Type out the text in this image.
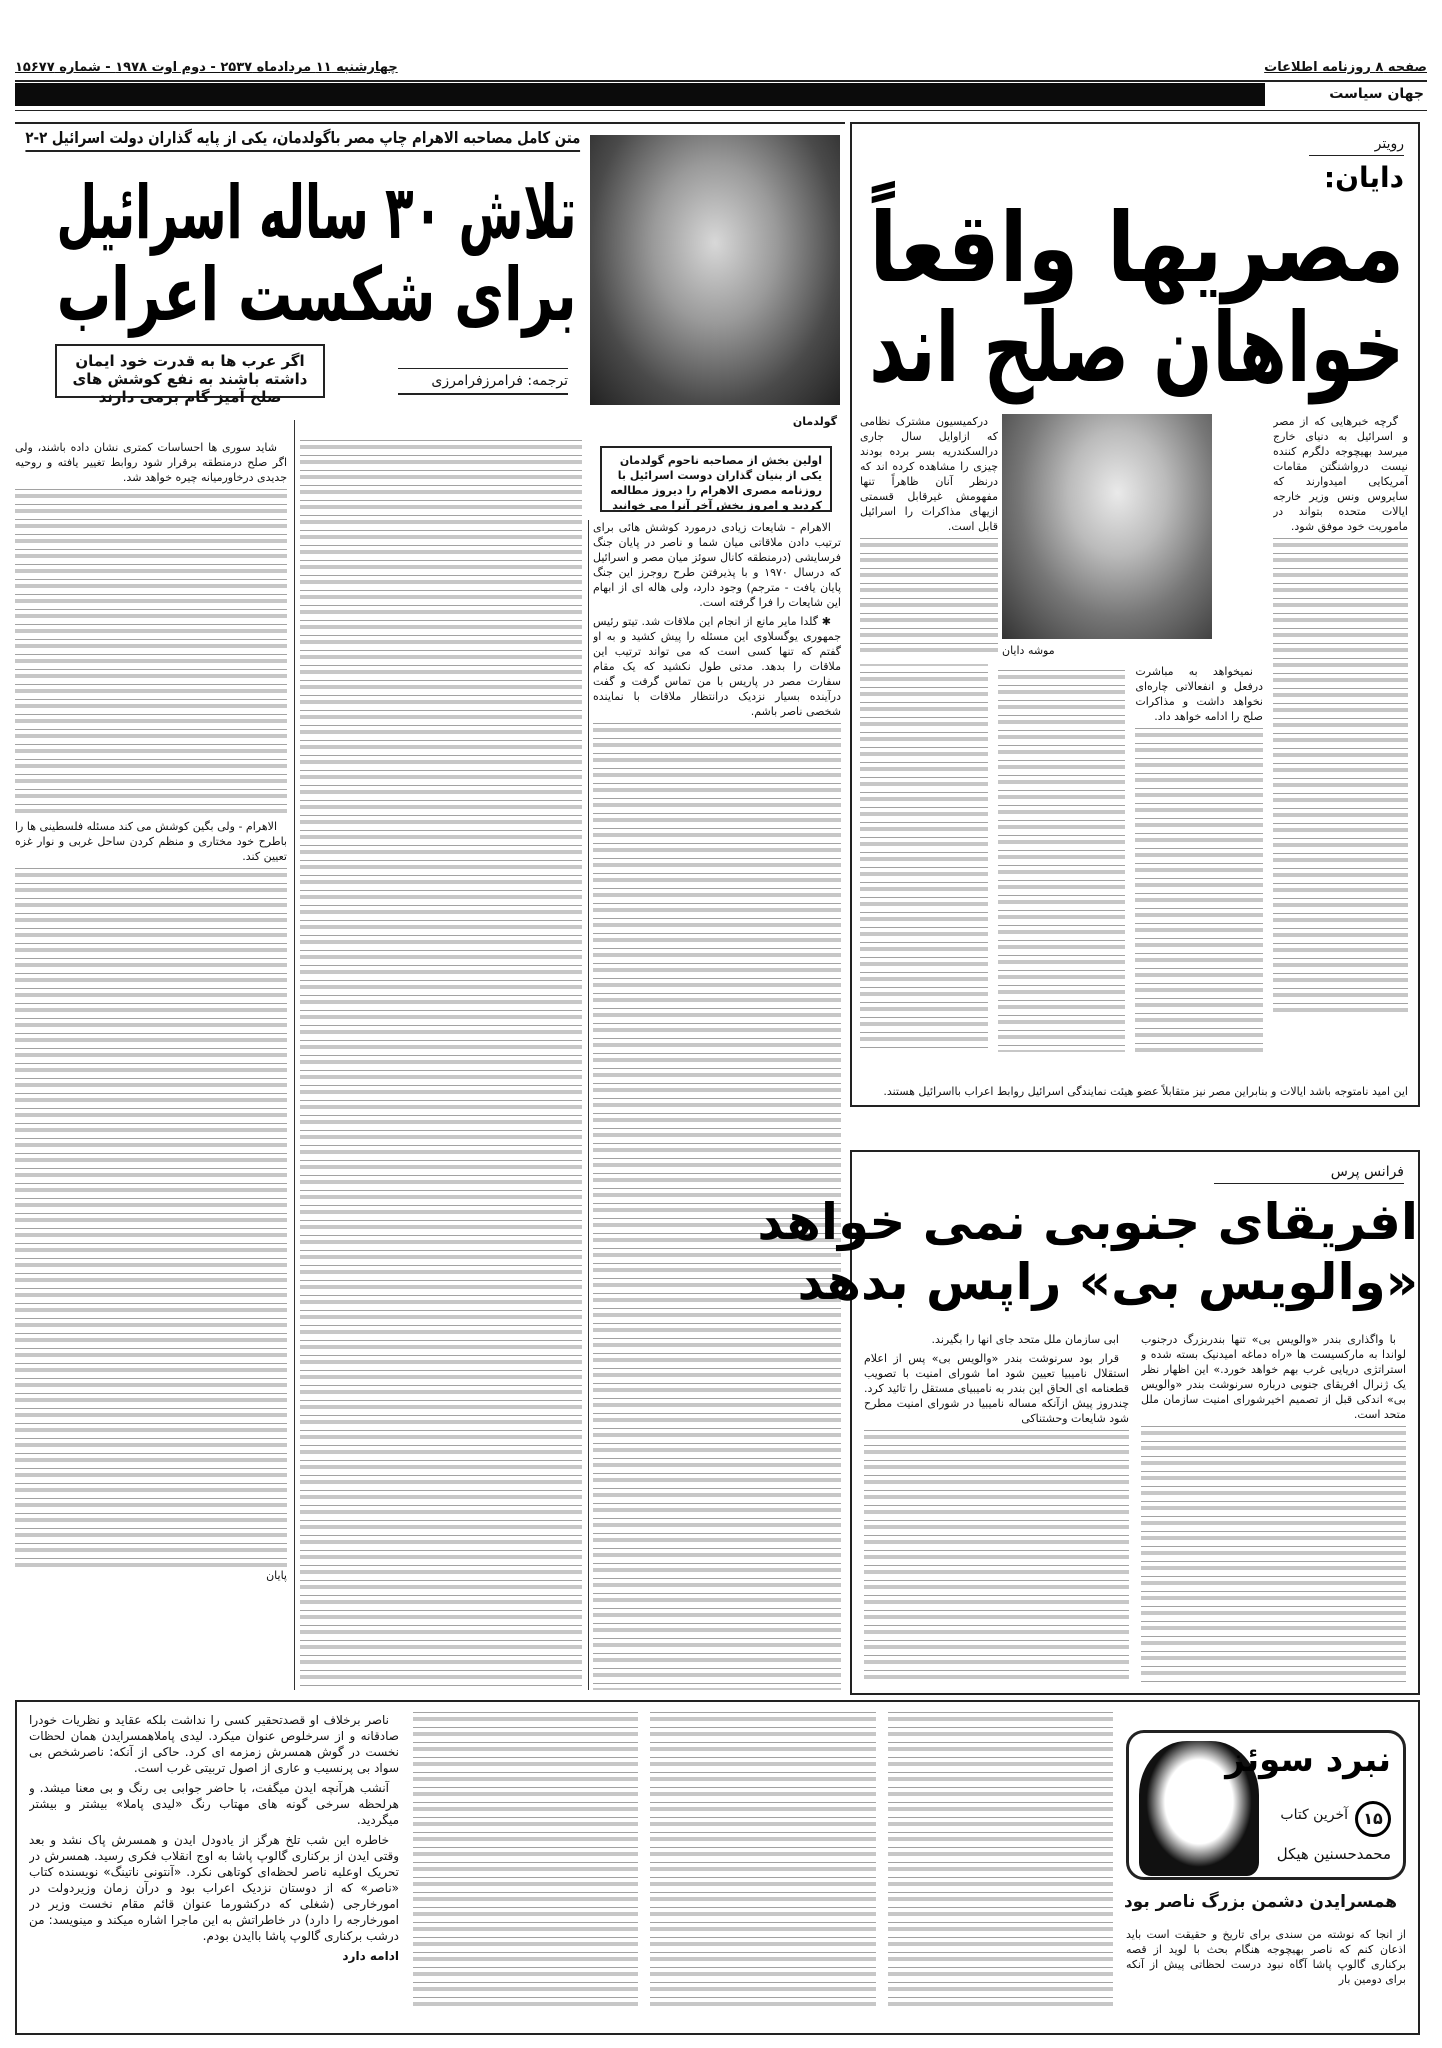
صفحه ۸ روزنامه اطلاعات
چهارشنبه ۱۱ مردادماه ۲۵۳۷ - دوم اوت ۱۹۷۸ - شماره ۱۵۶۷۷
جهان سیاست
رویتر
دایان:
مصریها واقعاً
خواهان صلح اند
موشه دایان

گرچه خبرهایی که از مصر و اسرائیل به دنیای خارج میرسد بهیچوجه دلگرم کننده نیست درواشنگتن مقامات آمریکایی امیدوارند که سایروس ونس وزیر خارجه ایالات متحده بتواند در ماموریت خود موفق شود.

درکمیسیون مشترک نظامی که ازاوایل سال جاری درالسکندریه بسر برده بودند چیزی را مشاهده کرده اند که درنظر آنان ظاهراً تنها مفهومش غیرقابل قسمتی ازیهای مذاکرات را اسرائیل قابل است.

نمیخواهد به مباشرت درفعل و انفعالاتی چاره‌ای نخواهد داشت و مذاکرات صلح را ادامه خواهد داد.

این امید نامتوجه باشد ایالات و بنابراین مصر نیز متقابلاً عضو هیئت نمایندگی اسرائیل روابط اعراب بااسرائیل هستند.
متن کامل مصاحبه الاهرام چاپ مصر باگولدمان، یکی از پایه گذاران دولت اسرائیل ۲-۲
تلاش ۳۰ ساله اسرائیل
برای شکست اعراب
اگر عرب ها به قدرت خود ایمان داشته باشند به نفع کوشش های صلح آمیز گام برمی دارند
ترجمه: فرامرزفرامرزی
گولدمان
اولین بخش از مصاحبه ناحوم گولدمان یکی از بنیان گذاران دوست اسرائیل با روزنامه مصری الاهرام را دیروز مطالعه کردید و امروز بخش آخر آنرا می خوانید

الاهرام - شایعات زیادی درمورد کوشش هائی برای ترتیب دادن ملاقاتی میان شما و ناصر در پایان جنگ فرسایشی (درمنطقه کانال سوئز میان مصر و اسرائیل که درسال ۱۹۷۰ و با پذیرفتن طرح روجرز این جنگ پایان یافت - مترجم) وجود دارد، ولی هاله ای از ابهام این شایعات را فرا گرفته است.

✱ گلدا مایر مانع از انجام این ملاقات شد. تیتو رئیس جمهوری یوگسلاوی این مسئله را پیش کشید و به او گفتم که تنها کسی است که می تواند ترتیب این ملاقات را بدهد. مدتی طول نکشید که یک مقام سفارت مصر در پاریس با من تماس گرفت و گفت درآینده بسیار نزدیک درانتظار ملاقات با نماینده شخصی ناصر باشم.

شاید سوری ها احساسات کمتری نشان داده باشند، ولی اگر صلح درمنطقه برقرار شود روابط تغییر یافته و روحیه جدیدی درخاورمیانه چیره خواهد شد.

الاهرام - ولی بگین کوشش می کند مسئله فلسطینی ها را باطرح خود مختاری و منظم کردن ساحل غربی و نوار غزه تعیین کند.

پایان
فرانس پرس
افریقای جنوبی نمی خواهد
«والویس بی» راپس بدهد

با واگذاری بندر «والویس بی» تنها بندربزرگ درجنوب لواندا به مارکسیست ها «راه دماغه امیدنیک بسته شده و استراتژی دریایی غرب بهم خواهد خورد.» این اظهار نظر یک ژنرال افریقای جنوبی درباره سرنوشت بندر «والویس بی» اندکی قبل از تصمیم اخیرشورای امنیت سازمان ملل متحد است.

ابی سازمان ملل متحد جای انها را بگیرند.

قرار بود سرنوشت بندر «والویس بی» پس از اعلام استقلال نامیبیا تعیین شود اما شورای امنیت با تصویب قطعنامه ای الحاق این بندر به نامیبیای مستقل را تائید کرد. چندروز پیش ازآنکه مساله نامیبیا در شورای امنیت مطرح شود شایعات وحشتناکی

نبرد سوئز
۱۵
آخرین کتاب
محمدحسنین هیکل
همسرایدن دشمن بزرگ ناصر بود
از انجا که نوشته من سندی برای تاریخ و حقیقت است باید اذعان کنم که ناصر بهیچوجه هنگام بحث با لوید از قصه برکناری گالوپ پاشا آگاه نبود درست لحظاتی پیش از آنکه برای دومین بار

ناصر برخلاف او قصدتحقیر کسی را نداشت بلکه عقاید و نظریات خودرا صادقانه و از سرخلوص عنوان میکرد. لیدی پاملاهمسرایدن همان لحظات نخست در گوش همسرش زمزمه ای کرد. حاکی از آنکه: ناصرشخص بی سواد بی پرنسیب و عاری از اصول تربیتی غرب است.

آنشب هرآنچه ایدن میگفت، با حاضر جوابی بی رنگ و بی معنا میشد. و هرلحظه سرخی گونه های مهتاب رنگ «لیدی پاملا» بیشتر و بیشتر میگردید.

خاطره این شب تلخ هرگز از یادودل ایدن و همسرش پاک نشد و بعد وقتی ایدن از برکناری گالوپ پاشا به اوج انقلاب فکری رسید. همسرش در تحریک اوعلیه ناصر لحظه‌ای کوتاهی نکرد. «آنتونی ناتینگ» نویسنده کتاب «ناصر» که از دوستان نزدیک اعراب بود و درآن زمان وزیردولت در امورخارجی (شغلی که درکشورما عنوان قائم مقام نخست وزیر در امورخارجه را دارد) در خاطراتش به این ماجرا اشاره میکند و مینویسد: من درشب برکناری گالوپ پاشا باایدن بودم.

ادامه دارد
